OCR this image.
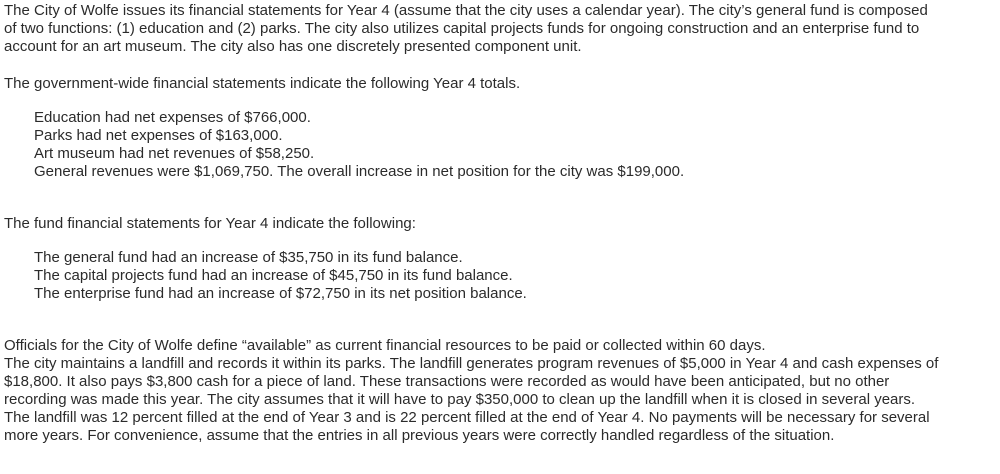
The City of Wolfe issues its financial statements for Year 4 (assume that the city uses a calendar year). The city’s general fund is composed of two functions: (1) education and (2) parks. The city also utilizes capital projects funds for ongoing construction and an enterprise fund to account for an art museum. The city also has one discretely presented component unit.

The government-wide financial statements indicate the following Year 4 totals.

Education had net expenses of $766,000.

Parks had net expenses of $163,000.

Art museum had net revenues of $58,250.

General revenues were $1,069,750. The overall increase in net position for the city was $199,000.

The fund financial statements for Year 4 indicate the following:

The general fund had an increase of $35,750 in its fund balance.

The capital projects fund had an increase of $45,750 in its fund balance.

The enterprise fund had an increase of $72,750 in its net position balance.

Officials for the City of Wolfe define “available” as current financial resources to be paid or collected within 60 days.

The city maintains a landfill and records it within its parks. The landfill generates program revenues of $5,000 in Year 4 and cash expenses of $18,800. It also pays $3,800 cash for a piece of land. These transactions were recorded as would have been anticipated, but no other recording was made this year. The city assumes that it will have to pay $350,000 to clean up the landfill when it is closed in several years. The landfill was 12 percent filled at the end of Year 3 and is 22 percent filled at the end of Year 4. No payments will be necessary for several more years. For convenience, assume that the entries in all previous years were correctly handled regardless of the situation.
